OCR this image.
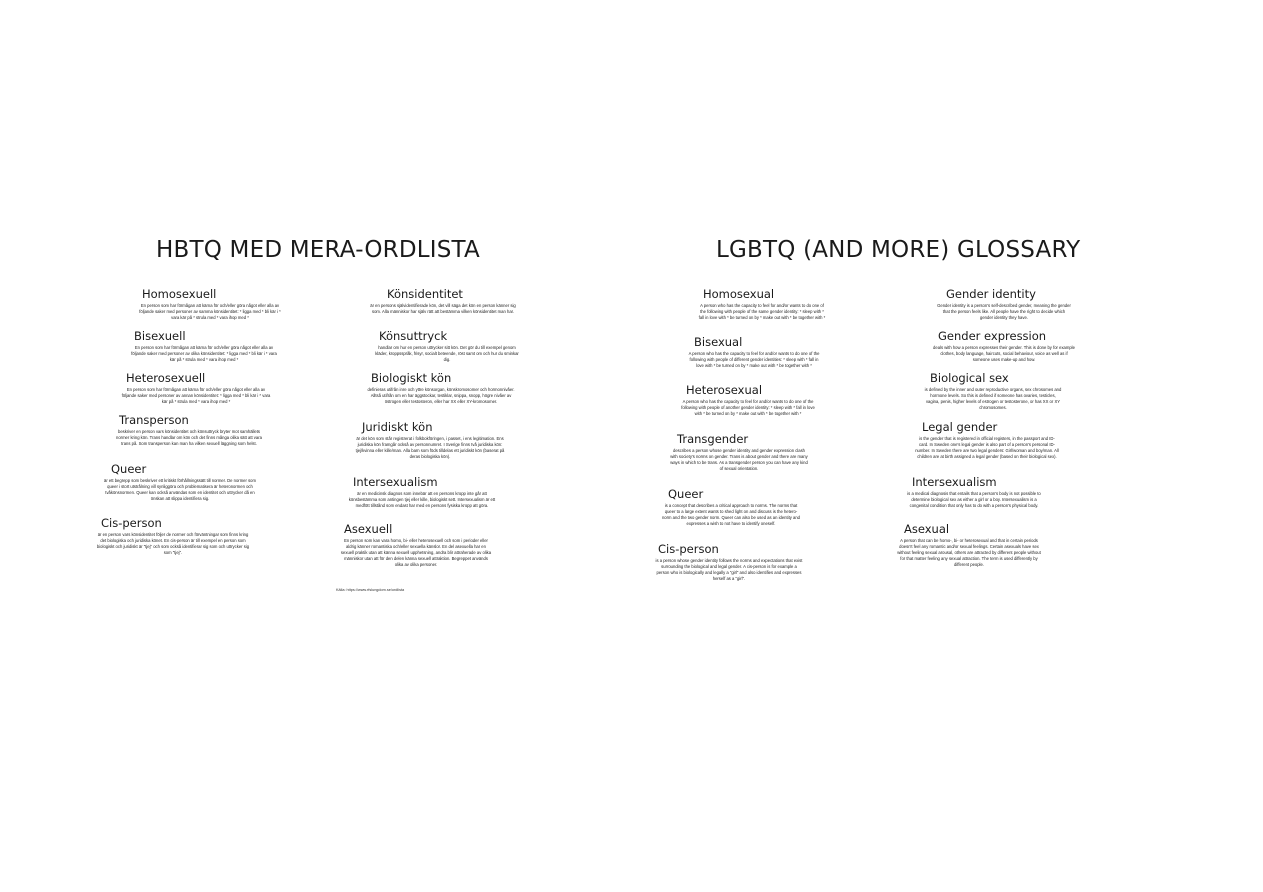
HBTQ MED MERA-ORDLISTA
Homosexuell

En person som har förmågan att kärna för och/eller göra något eller alla av följande saker med personer av samma könsidentitet: * ligga med * bli kär i * vara kär på * strula med * vara ihop med *

Bisexuell

En person som har förmågan att kärna för och/eller göra något eller alla av följande saker med personer av olika könsidentitet: * ligga med * bli kär i * vara kär på * strula med * vara ihop med *

Heterosexuell

En person som har förmågan att kärna för och/eller göra något eller alla av följande saker med personer av annan könsidentitet: * ligga med * bli kär i * vara kär på * strula med * vara ihop med *

Transperson

beskriver en person vars könsidentitet och könsuttryck bryter mot samhällets normer kring kön. Trans handlar om kön och det finns många olika sätt att vara trans på. Som transperson kan man ha vilken sexuell läggning som helst.

Queer

är ett begrepp som beskriver ett kritiskt förhållningssätt till normer. De normer som queer i stort utstrålning vill synliggöra och problematisera är heteronormen och tvåkönsnormen. Queer kan också användas som en identitet och uttrycker då en önskan att slippa identifiera sig.

Cis-person

är en person vars könsidentitet följer de normer och förväntningar som finns kring det biologiska och juridiska könet. En cis-person är till exempel en person som biologiskt och juridiskt är "tjej" och som också identifierar sig som och uttrycker sig som "tjej".

Könsidentitet

är en persons självidentifierade kön, det vill säga det kön en person känner sig som. Alla människor har själv rätt att bestämma vilken könsidentitet man har.

Könsuttryck

handlar om hur en person uttrycker sitt kön. Det gör du till exempel genom kläder, kroppsspråk, frisyr, socialt beteende, röst samt om och hur du sminkar dig.

Biologiskt kön

definieras utifrån inre och yttre könsorgan, könskromosomer och hormonnivåer. Alltså utifrån om en har äggstockar, testiklar, snippa, snopp, högre nivåer av östrogen eller testosteron, eller har XX eller XY-kromosomer.

Juridiskt kön

är det kön som står registrerat i folkbokföringen, i passet, i ens legitimation. Ens juridiska kön framgår också av personnumret. I Sverige finns två juridiska kön: tjej/kvinna eller kille/man. Alla barn som föds tilldelas ett juridiskt kön (baserat på deras biologiska kön).

Intersexualism

är en medicinsk diagnos som innebär att en persons kropp inte går att könsbestämma som antingen tjej eller kille, biologiskt sett. Intersexualism är ett medfött tillstånd som endast har med en persons fysiska kropp att göra.

Asexuell

En person som kan vara homo, bi- eller heterosexuell och som i perioder eller aldrig känner romantiska och/eller sexuella känslor. En del asexuella har en sexuell praktik utan att känna sexuell upphetsning, andra blir attraherade av olika människor utan att för den delen känna sexuell attraktion. Begreppet används olika av olika personer.

Källa: https://www.rfslungdom.se/ordlista
LGBTQ (AND MORE) GLOSSARY
Homosexual

A person who has the capacity to feel for and/or wants to do one of the following with people of the same gender identity: * sleep with * fall in love with * be turned on by * make out with * be together with *

Bisexual

A person who has the capacity to feel for and/or wants to do one of the following with people of different gender identities: * sleep with * fall in love with * be turned on by * make out with * be together with *

Heterosexual

A person who has the capacity to feel for and/or wants to do one of the following with people of another gender identity: * sleep with * fall in love with * be turned on by * make out with * be together with *

Transgender

describes a person whose gender identity and gender expression clash with society's norms on gender. Trans is about gender and there are many ways in which to be trans. As a transgender person you can have any kind of sexual orientation.

Queer

is a concept that describes a critical approach to norms. The norms that queer to a large extent wants to shed light on and discuss is the hetero-norm and the two gender norm. Queer can also be used as an identity and expresses a wish to not have to identify oneself.

Cis-person

is a person whose gender identity follows the norms and expectations that exist surrounding the biological and legal gender. A cis-person is for example a person who is biologically and legally a "girl" and also identifies and expresses herself as a "girl".

Gender identity

Gender identity is a person's self-described gender, meaning the gender that the person feels like. All people have the right to decide which gender identity they have.

Gender expression

deals with how a person expresses their gender. This is done by for example clothes, body language, haircuts, social behaviour, voice as well as if someone uses make-up and how.

Biological sex

is defined by the inner and outer reproductive organs, sex chrosomes and hormone levels. So this is defined if someone has ovaries, testicles, vagina, penis, higher levels of estrogen or testosterone, or has XX or XY chromosomes.

Legal gender

is the gender that is registered in official registers, in the passport and ID-card. In Sweden one's legal gender is also part of a person's personal ID-number. In Sweden there are two legal genders: Girl/woman and boy/man. All children are at birth assigned a legal gender (based on their biological sex).

Intersexualism

is a medical diagnosis that entails that a person's body is not possible to determine biological sex as either a girl or a boy. Intersexualism is a congenital condition that only has to do with a person's physical body.

Asexual

A person that can be homo-, bi- or heterosexual and that in certain periods doesn't feel any romantic and/or sexual feelings. Certain asexuals have sex without feeling sexual arousal, others are attracted by different people without for that matter feeling any sexual attraction. The term is used differently by different people.
